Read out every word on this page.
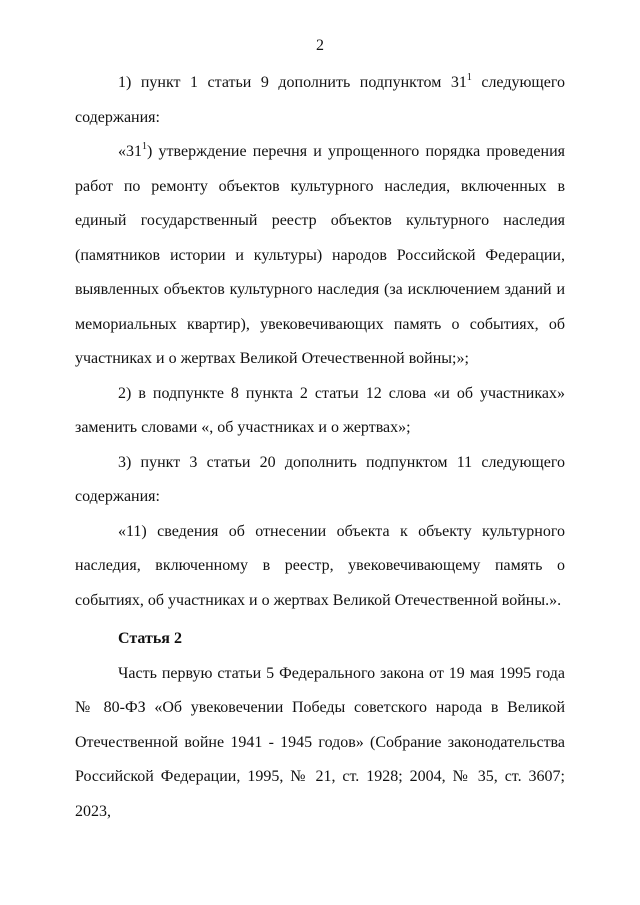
2

1) пункт 1 статьи 9 дополнить подпунктом $31^1$ следующего содержания:

«$31^1$) утверждение перечня и упрощенного порядка проведения работ по ремонту объектов культурного наследия, включенных в единый государственный реестр объектов культурного наследия (памятников истории и культуры) народов Российской Федерации, выявленных объектов культурного наследия (за исключением зданий и мемориальных квартир), увековечивающих память о событиях, об участниках и о жертвах Великой Отечественной войны;»;

2) в подпункте 8 пункта 2 статьи 12 слова «и об участниках» заменить словами «, об участниках и о жертвах»;

3) пункт 3 статьи 20 дополнить подпунктом 11 следующего содержания:

«11) сведения об отнесении объекта к объекту культурного наследия, включенному в реестр, увековечивающему память о событиях, об участниках и о жертвах Великой Отечественной войны.».

Статья 2

Часть первую статьи 5 Федерального закона от 19 мая 1995 года № 80-ФЗ «Об увековечении Победы советского народа в Великой Отечественной войне 1941 - 1945 годов» (Собрание законодательства Российской Федерации, 1995, № 21, ст. 1928; 2004, № 35, ст. 3607; 2023,
